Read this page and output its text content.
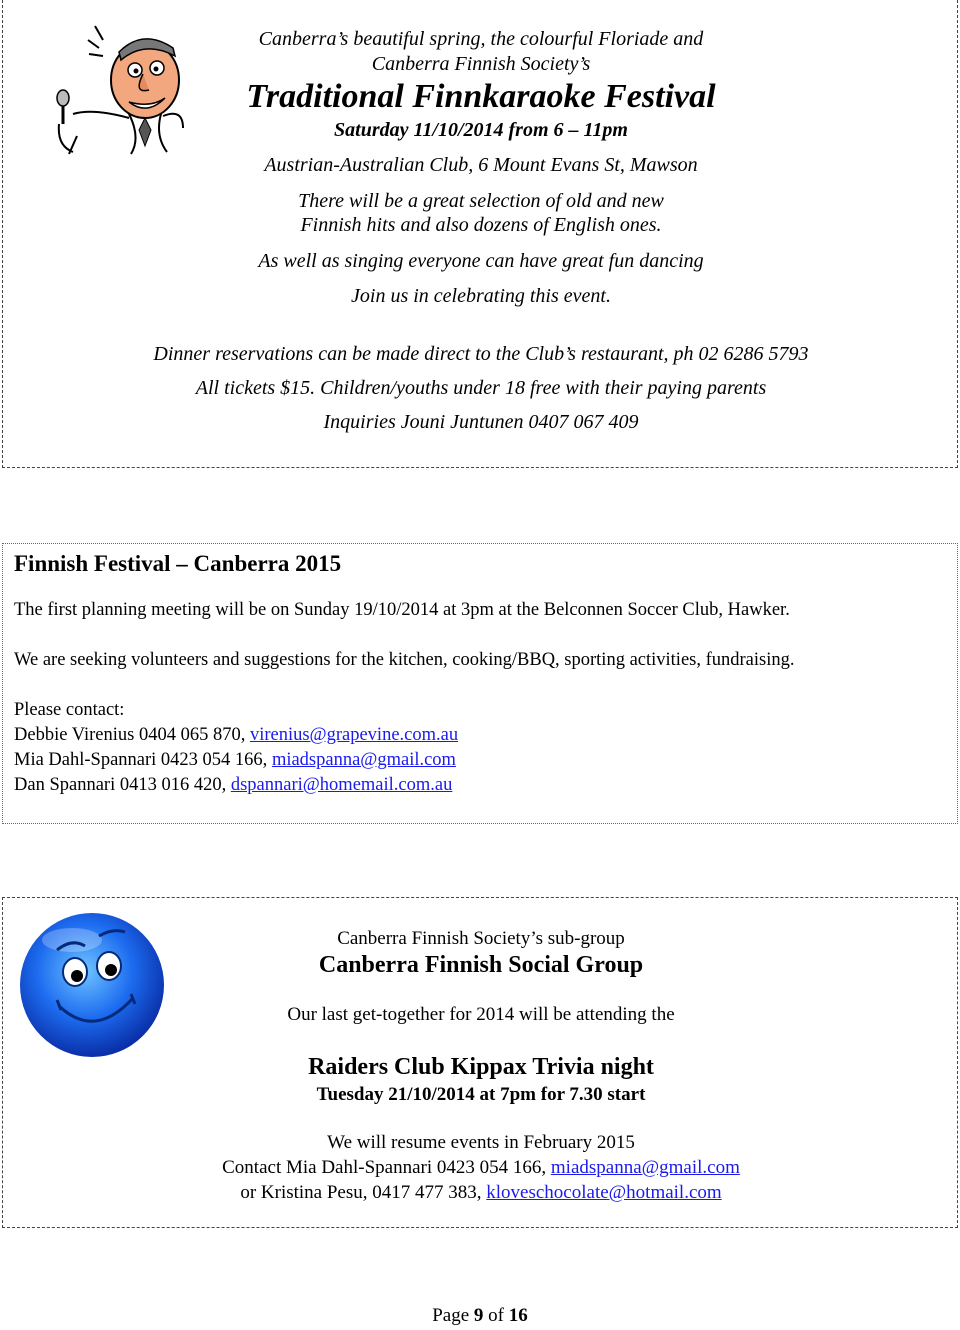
Canberra’s beautiful spring, the colourful Floriade and
Canberra Finnish Society’s
Traditional Finnkaraoke Festival
Saturday 11/10/2014 from 6 – 11pm
Austrian-Australian Club, 6 Mount Evans St, Mawson
There will be a great selection of old and new
Finnish hits and also dozens of English ones.
As well as singing everyone can have great fun dancing
Join us in celebrating this event.
Dinner reservations can be made direct to the Club’s restaurant, ph 02 6286 5793
All tickets $15. Children/youths under 18 free with their paying parents
Inquiries Jouni Juntunen 0407 067 409
Finnish Festival – Canberra 2015
The first planning meeting will be on Sunday 19/10/2014 at 3pm at the Belconnen Soccer Club, Hawker.
We are seeking volunteers and suggestions for the kitchen, cooking/BBQ, sporting activities, fundraising.
Please contact:
Debbie Virenius 0404 065 870, virenius@grapevine.com.au
Mia Dahl-Spannari 0423 054 166, miadspanna@gmail.com
Dan Spannari 0413 016 420, dspannari@homemail.com.au
Canberra Finnish Society’s sub-group
Canberra Finnish Social Group
Our last get-together for 2014 will be attending the
Raiders Club Kippax Trivia night
Tuesday 21/10/2014 at 7pm for 7.30 start
We will resume events in February 2015
Contact Mia Dahl-Spannari 0423 054 166, miadspanna@gmail.com
or Kristina Pesu, 0417 477 383, kloveschocolate@hotmail.com
Page 9 of 16
